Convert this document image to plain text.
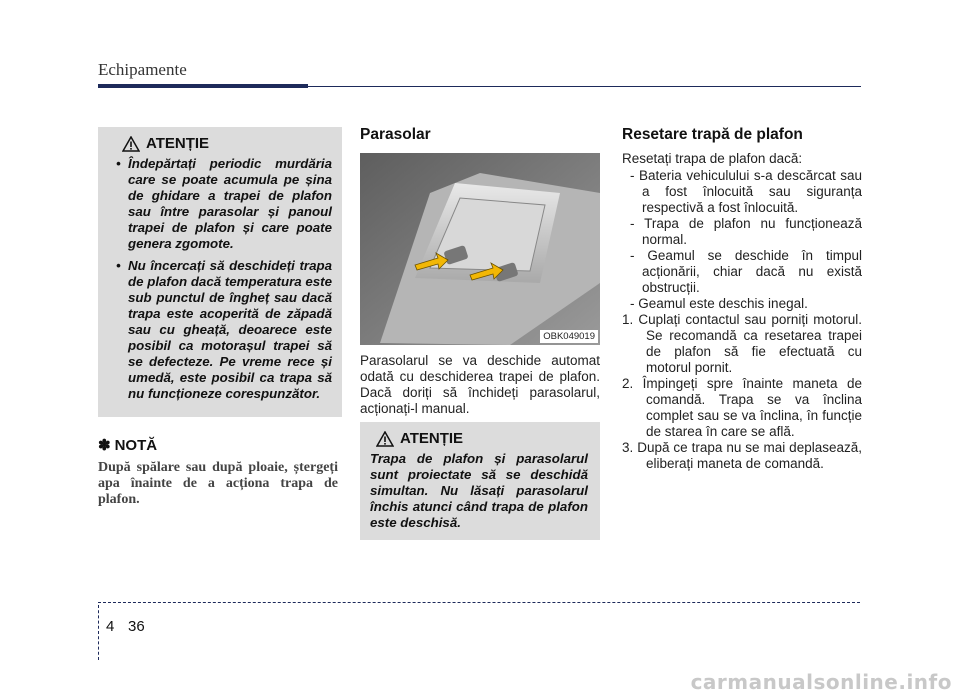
Echipamente
ATENȚIE
• Îndepărtați periodic murdăria care se poate acumula pe șina de ghidare a trapei de plafon sau între parasolar și panoul trapei de plafon și care poate genera zgomote.
• Nu încercați să deschideți trapa de plafon dacă temperatura este sub punctul de îngheț sau dacă trapa este acoperită de zăpadă sau cu gheață, deoarece este posibil ca motorașul trapei să se defecteze. Pe vreme rece și umedă, este posibil ca trapa să nu funcționeze corespunzător.
✽ NOTĂ
După spălare sau după ploaie, ștergeți apa înainte de a acționa trapa de plafon.
Parasolar
OBK049019
Parasolarul se va deschide automat odată cu deschiderea trapei de plafon. Dacă doriți să închideți parasolarul, acționați-l manual.
ATENȚIE
Trapa de plafon și parasolarul sunt proiectate să se deschidă simultan. Nu lăsați parasolarul închis atunci când trapa de plafon este deschisă.
Resetare trapă de plafon
Resetați trapa de plafon dacă:
- Bateria vehiculului s-a descărcat sau a fost înlocuită sau siguranța respectivă a fost înlocuită.
- Trapa de plafon nu funcționează normal.
- Geamul se deschide în timpul acționării, chiar dacă nu există obstrucții.
- Geamul este deschis inegal.
1. Cuplați contactul sau porniți motorul. Se recomandă ca resetarea trapei de plafon să fie efectuată cu motorul pornit.
2. Împingeți spre înainte maneta de comandă. Trapa se va înclina complet sau se va înclina, în funcție de starea în care se află.
3. După ce trapa nu se mai deplasează, eliberați maneta de comandă.
4 36
carmanualsonline.info
